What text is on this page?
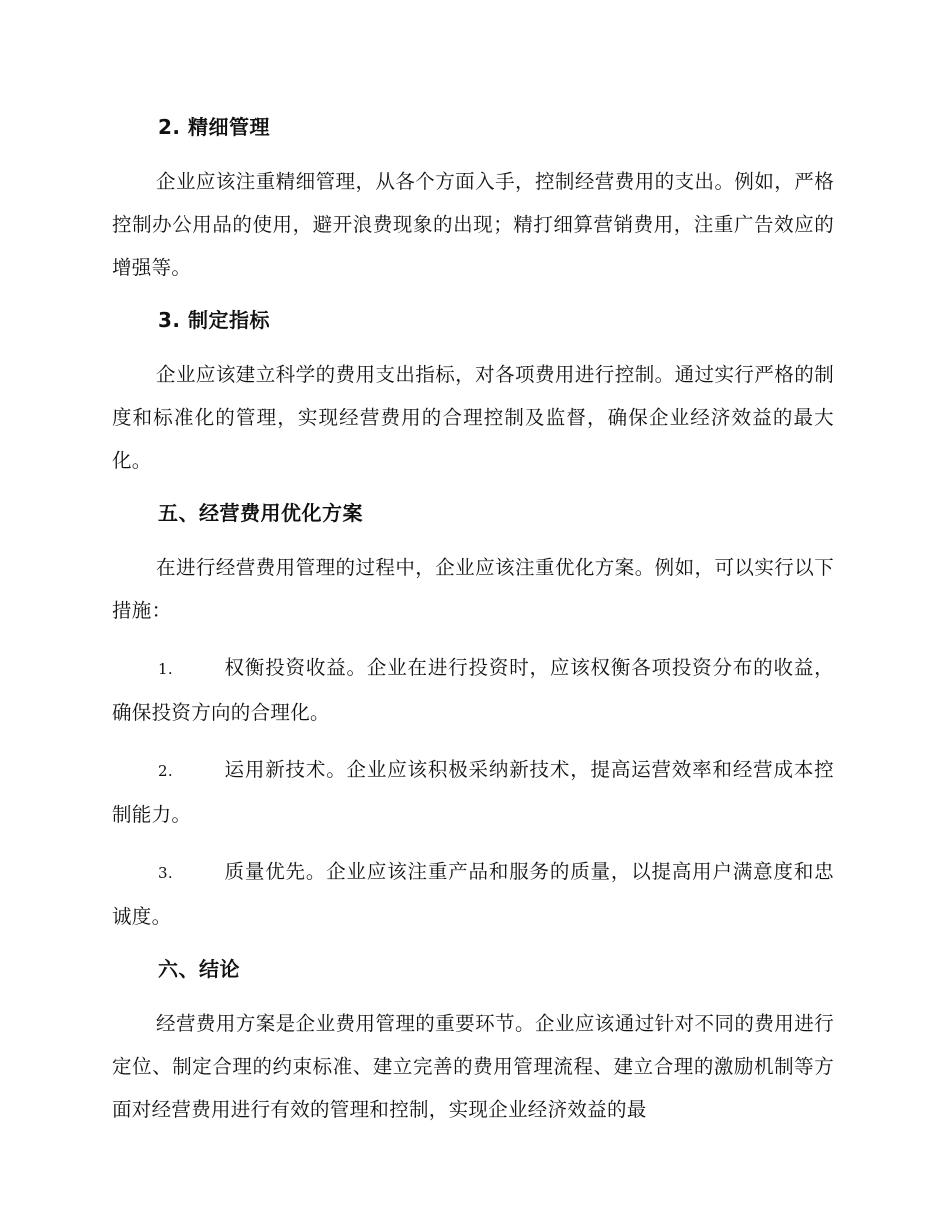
2. 精细管理

企业应该注重精细管理，从各个方面入手，控制经营费用的支出。例如，严格控制办公用品的使用，避开浪费现象的出现；精打细算营销费用，注重广告效应的增强等。

3. 制定指标

企业应该建立科学的费用支出指标，对各项费用进行控制。通过实行严格的制度和标准化的管理，实现经营费用的合理控制及监督，确保企业经济效益的最大化。

五、经营费用优化方案

在进行经营费用管理的过程中，企业应该注重优化方案。例如，可以实行以下措施：

1.	权衡投资收益。企业在进行投资时，应该权衡各项投资分布的收益，确保投资方向的合理化。

2.	运用新技术。企业应该积极采纳新技术，提高运营效率和经营成本控制能力。

3.	质量优先。企业应该注重产品和服务的质量，以提高用户满意度和忠诚度。

六、结论

经营费用方案是企业费用管理的重要环节。企业应该通过针对不同的费用进行定位、制定合理的约束标准、建立完善的费用管理流程、建立合理的激励机制等方面对经营费用进行有效的管理和控制，实现企业经济效益的最
